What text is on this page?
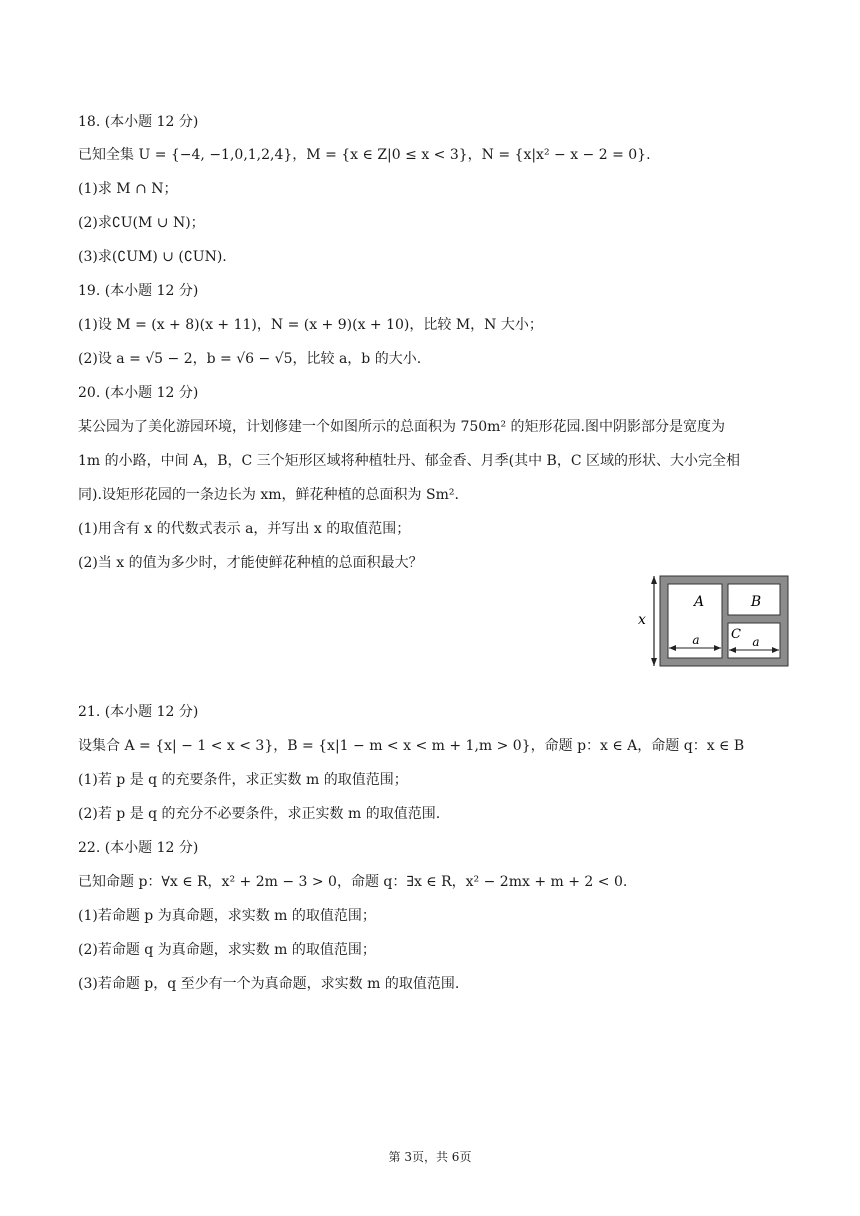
18. (本小题 12 分)
已知全集 U = {−4, −1,0,1,2,4}，M = {x ∈ Z|0 ≤ x < 3}，N = {x|x² − x − 2 = 0}.
(1)求 M ∩ N；
(2)求∁U(M ∪ N)；
(3)求(∁UM) ∪ (∁UN).
19. (本小题 12 分)
(1)设 M = (x + 8)(x + 11)，N = (x + 9)(x + 10)，比较 M，N 大小；
(2)设 a = √5 − 2，b = √6 − √5，比较 a，b 的大小.
20. (本小题 12 分)
某公园为了美化游园环境，计划修建一个如图所示的总面积为 750m² 的矩形花园.图中阴影部分是宽度为
1m 的小路，中间 A，B，C 三个矩形区域将种植牡丹、郁金香、月季(其中 B，C 区域的形状、大小完全相
同).设矩形花园的一条边长为 xm，鲜花种植的总面积为 Sm².
(1)用含有 x 的代数式表示 a，并写出 x 的取值范围；
(2)当 x 的值为多少时，才能使鲜花种植的总面积最大？
x
A	B
C
a	a
21. (本小题 12 分)
设集合 A = {x| − 1 < x < 3}，B = {x|1 − m < x < m + 1,m > 0}，命题 p：x ∈ A，命题 q：x ∈ B
(1)若 p 是 q 的充要条件，求正实数 m 的取值范围；
(2)若 p 是 q 的充分不必要条件，求正实数 m 的取值范围.
22. (本小题 12 分)
已知命题 p：∀x ∈ R，x² + 2m − 3 > 0，命题 q：∃x ∈ R，x² − 2mx + m + 2 < 0.
(1)若命题 p 为真命题，求实数 m 的取值范围；
(2)若命题 q 为真命题，求实数 m 的取值范围；
(3)若命题 p，q 至少有一个为真命题，求实数 m 的取值范围.
第 3页，共 6页
